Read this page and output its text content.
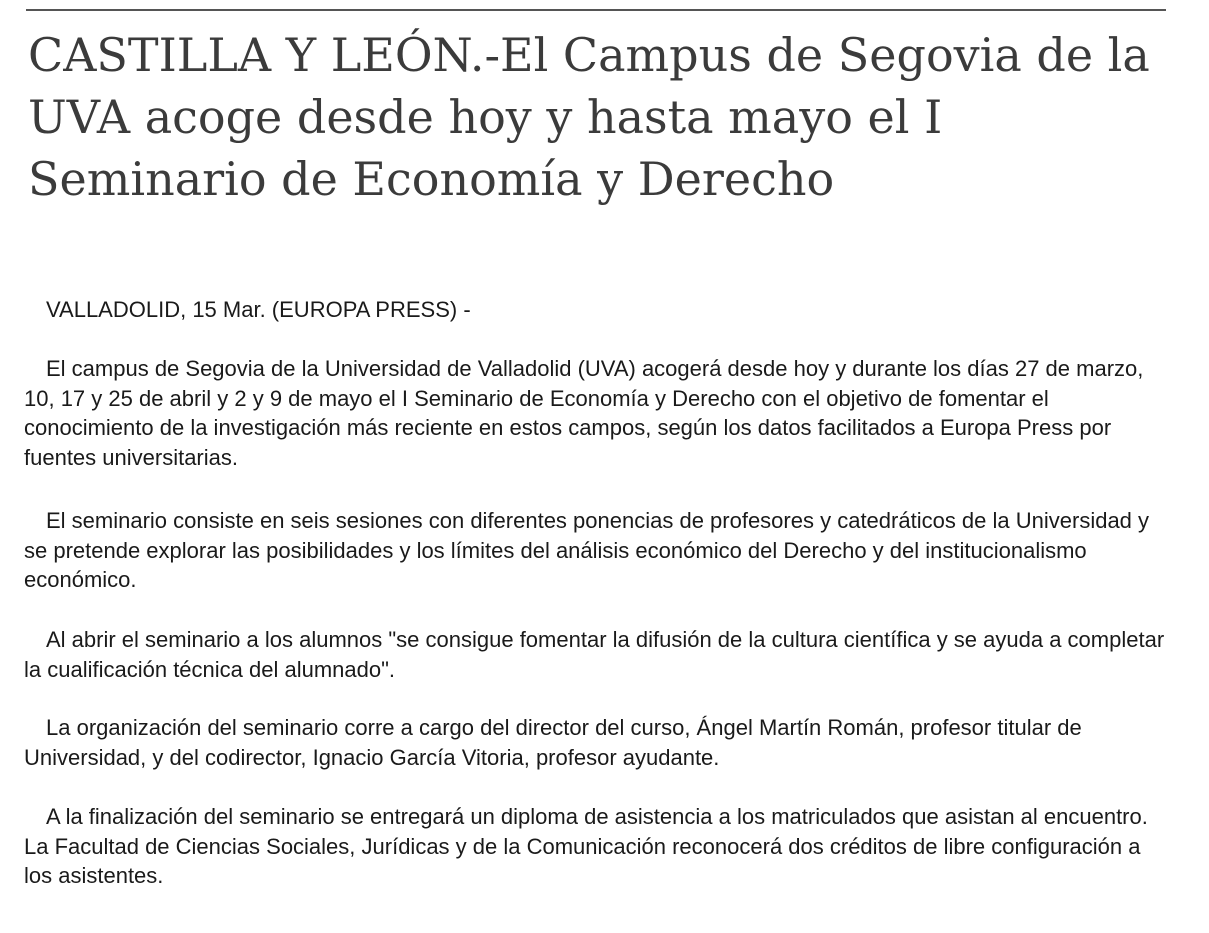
CASTILLA Y LEÓN.-El Campus de Segovia de la UVA acoge desde hoy y hasta mayo el I Seminario de Economía y Derecho

VALLADOLID, 15 Mar. (EUROPA PRESS) -

El campus de Segovia de la Universidad de Valladolid (UVA) acogerá desde hoy y durante los días 27 de marzo, 10, 17 y 25 de abril y 2 y 9 de mayo el I Seminario de Economía y Derecho con el objetivo de fomentar el conocimiento de la investigación más reciente en estos campos, según los datos facilitados a Europa Press por fuentes universitarias.

El seminario consiste en seis sesiones con diferentes ponencias de profesores y catedráticos de la Universidad y se pretende explorar las posibilidades y los límites del análisis económico del Derecho y del institucionalismo económico.

Al abrir el seminario a los alumnos "se consigue fomentar la difusión de la cultura científica y se ayuda a completar la cualificación técnica del alumnado".

La organización del seminario corre a cargo del director del curso, Ángel Martín Román, profesor titular de Universidad, y del codirector, Ignacio García Vitoria, profesor ayudante.

A la finalización del seminario se entregará un diploma de asistencia a los matriculados que asistan al encuentro. La Facultad de Ciencias Sociales, Jurídicas y de la Comunicación reconocerá dos créditos de libre configuración a los asistentes.
